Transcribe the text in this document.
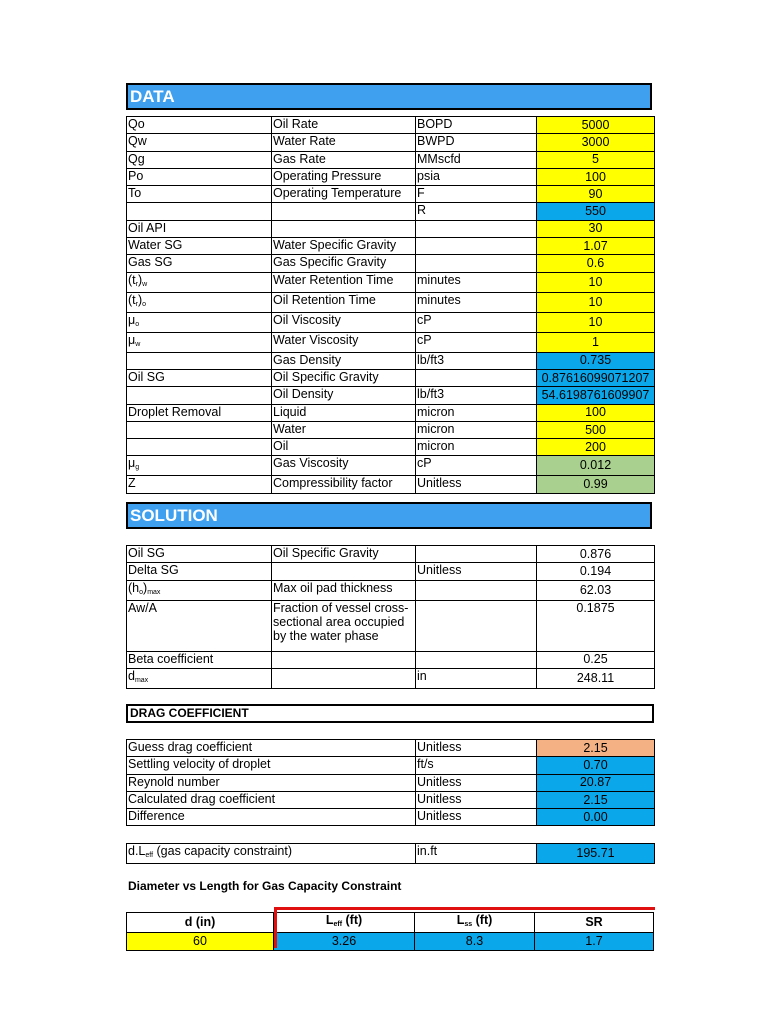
DATA
Qo	Oil Rate	BOPD	5000
Qw	Water Rate	BWPD	3000
Qg	Gas Rate	MMscfd	5
Po	Operating Pressure	psia	100
To	Operating Temperature	F	90
		R	550
Oil API			30
Water SG	Water Specific Gravity		1.07
Gas SG	Gas Specific Gravity		0.6
$(t_r)_w$	Water Retention Time	minutes	10
$(t_r)_o$	Oil Retention Time	minutes	10
$\mu_o$	Oil Viscosity	cP	10
$\mu_w$	Water Viscosity	cP	1
	Gas Density	lb/ft3	0.735
Oil SG	Oil Specific Gravity		0.87616099071207
	Oil Density	lb/ft3	54.6198761609907
Droplet Removal	Liquid	micron	100
	Water	micron	500
	Oil	micron	200
$\mu_g$	Gas Viscosity	cP	0.012
Z	Compressibility factor	Unitless	0.99
SOLUTION
Oil SG	Oil Specific Gravity		0.876
Delta SG		Unitless	0.194
$(h_o)_{max}$	Max oil pad thickness		62.03
Aw/A	Fraction of vessel cross-sectional area occupied by the water phase		0.1875
Beta coefficient			0.25
$d_{max}$		in	248.11
DRAG COEFFICIENT
Guess drag coefficient	Unitless	2.15
Settling velocity of droplet	ft/s	0.70
Reynold number	Unitless	20.87
Calculated drag coefficient	Unitless	2.15
Difference	Unitless	0.00
$d.L_{eff}$ (gas capacity constraint)	in.ft	195.71
Diameter vs Length for Gas Capacity Constraint
d (in)	$L_{eff}$ (ft)	$L_{ss}$ (ft)	SR
60	3.26	8.3	1.7
